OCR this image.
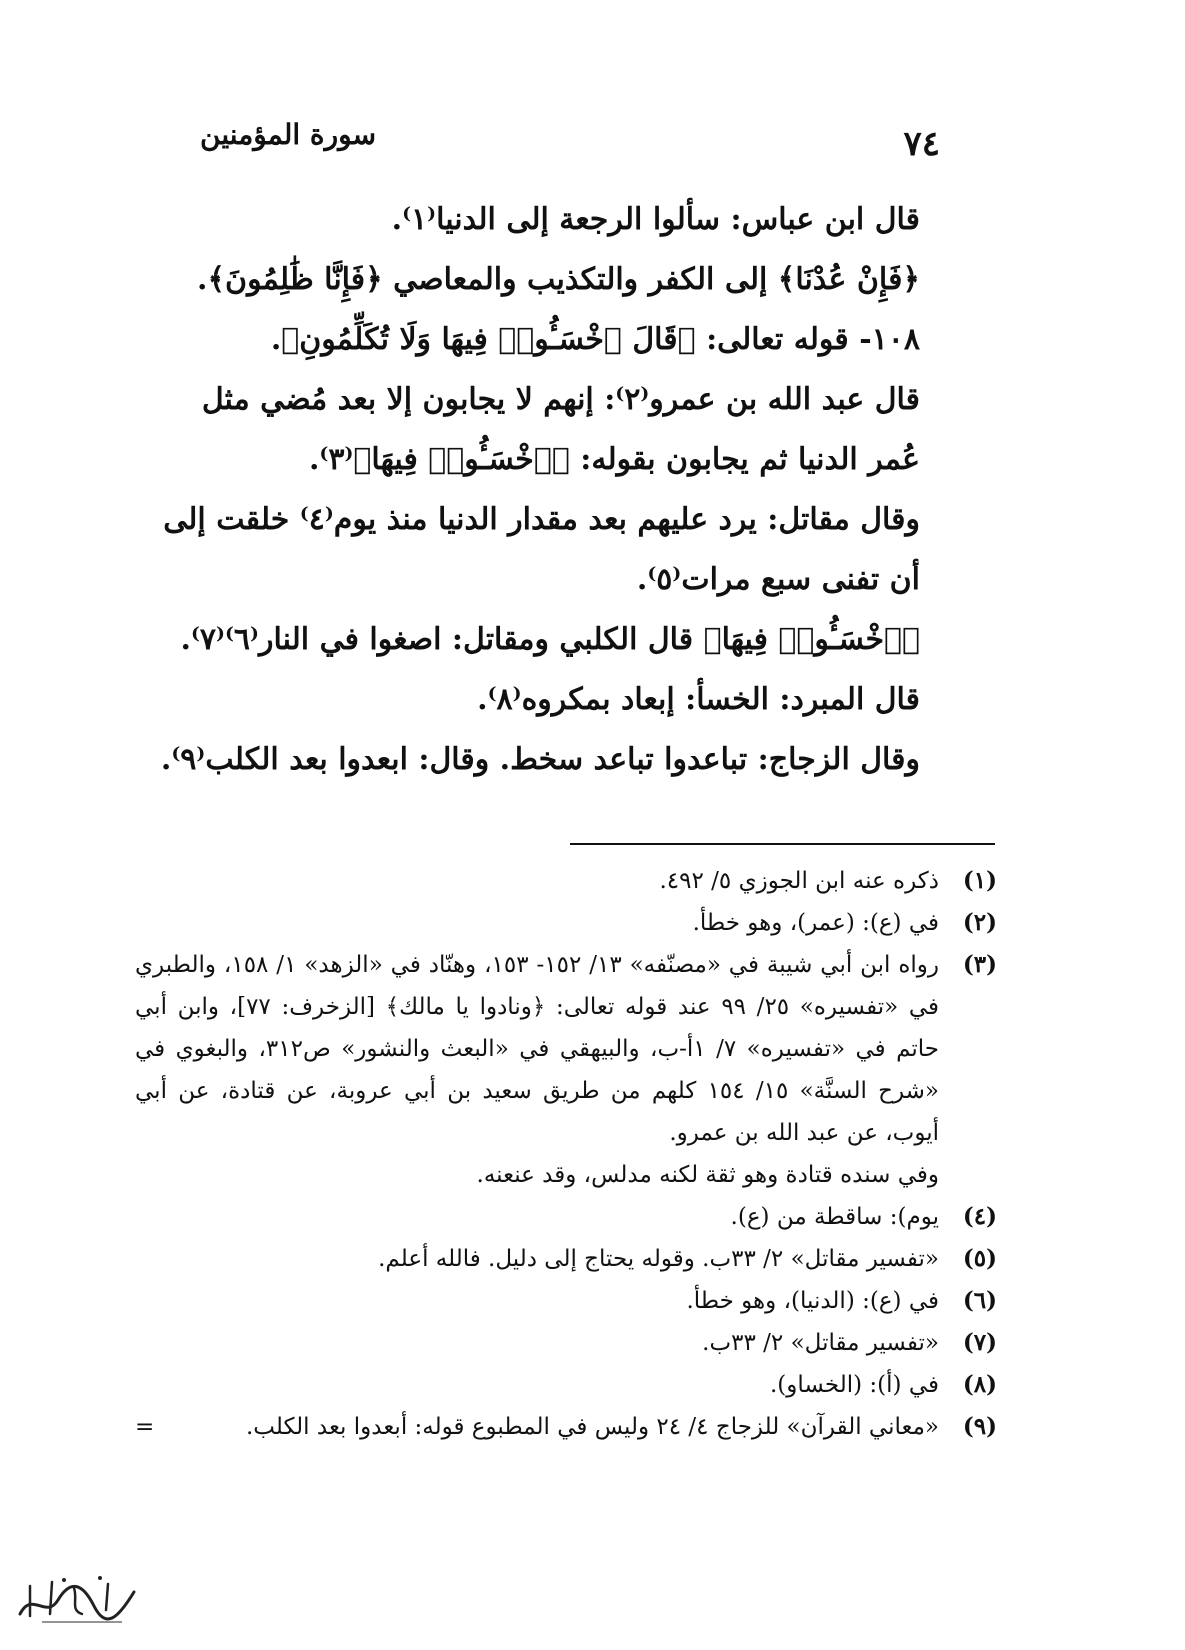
٧٤
سورة المؤمنين

قال ابن عباس: سألوا الرجعة إلى الدنيا⁽١⁾.

﴿فَإِنْ عُدْنَا﴾ إلى الكفر والتكذيب والمعاصي ﴿فَإِنَّا ظَٰلِمُونَ﴾.

١٠٨- قوله تعالى: ﴿قَالَ ٱخْسَـُٔوا۟ فِيهَا وَلَا تُكَلِّمُونِ﴾.

قال عبد الله بن عمرو⁽٢⁾: إنهم لا يجابون إلا بعد مُضي مثل عُمر الدنيا ثم يجابون بقوله: ﴿ٱخْسَـُٔوا۟ فِيهَا﴾⁽٣⁾.

وقال مقاتل: يرد عليهم بعد مقدار الدنيا منذ يوم⁽٤⁾ خلقت إلى أن تفنى سبع مرات⁽٥⁾.

﴿ٱخْسَـُٔوا۟ فِيهَا﴾ قال الكلبي ومقاتل: اصغوا في النار⁽٦⁾⁽٧⁾.

قال المبرد: الخسأ: إبعاد بمكروه⁽٨⁾.

وقال الزجاج: تباعدوا تباعد سخط. وقال: ابعدوا بعد الكلب⁽٩⁾.

(١)
ذكره عنه ابن الجوزي ٥/ ٤٩٢.
(٢)
في (ع): (عمر)، وهو خطأ.
(٣)
رواه ابن أبي شيبة في «مصنّفه» ١٣/ ١٥٢- ١٥٣، وهنّاد في «الزهد» ١/ ١٥٨، والطبري في «تفسيره» ٢٥/ ٩٩ عند قوله تعالى: ﴿ونادوا يا مالك﴾ [الزخرف: ٧٧]، وابن أبي حاتم في «تفسيره» ٧/ ١أ-ب، والبيهقي في «البعث والنشور» ص٣١٢، والبغوي في «شرح السنَّة» ١٥/ ١٥٤ كلهم من طريق سعيد بن أبي عروبة، عن قتادة، عن أبي أيوب، عن عبد الله بن عمرو.
وفي سنده قتادة وهو ثقة لكنه مدلس، وقد عنعنه.
(٤)
يوم): ساقطة من (ع).
(٥)
«تفسير مقاتل» ٢/ ٣٣ب. وقوله يحتاج إلى دليل. فالله أعلم.
(٦)
في (ع): (الدنيا)، وهو خطأ.
(٧)
«تفسير مقاتل» ٢/ ٣٣ب.
(٨)
في (أ): (الخساو).
(٩)
«معاني القرآن» للزجاج ٤/ ٢٤ وليس في المطبوع قوله: أبعدوا بعد الكلب.
=
